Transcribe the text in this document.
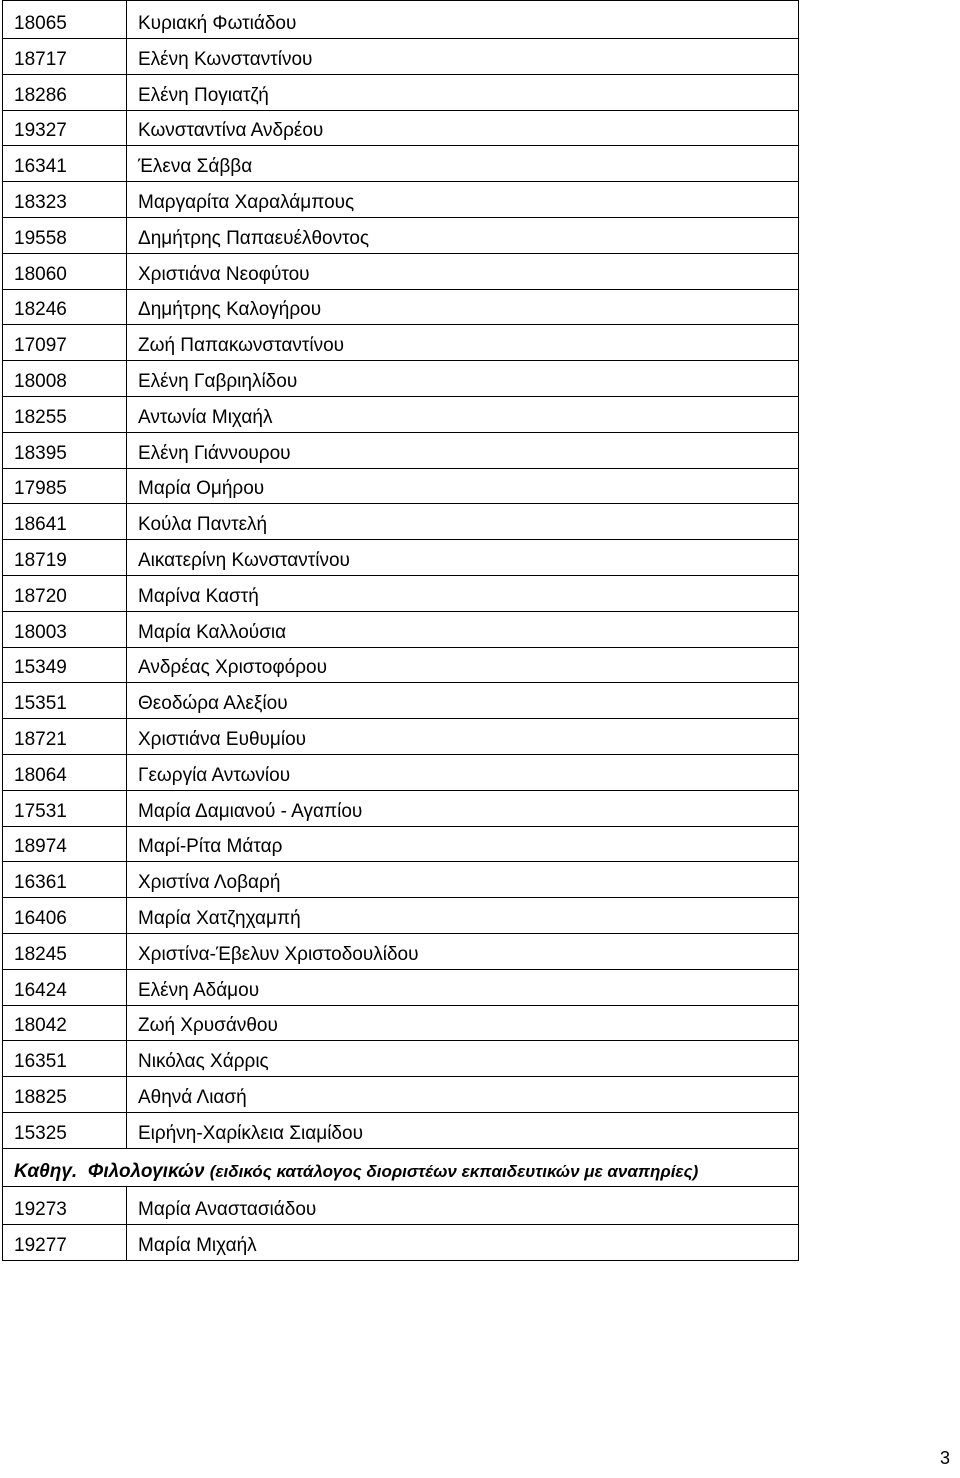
18065	Κυριακή Φωτιάδου
18717	Ελένη Κωνσταντίνου
18286	Ελένη Πογιατζή
19327	Κωνσταντίνα Ανδρέου
16341	Έλενα Σάββα
18323	Μαργαρίτα Χαραλάμπους
19558	Δημήτρης Παπαευέλθοντος
18060	Χριστιάνα Νεοφύτου
18246	Δημήτρης Καλογήρου
17097	Ζωή Παπακωνσταντίνου
18008	Ελένη Γαβριηλίδου
18255	Αντωνία Μιχαήλ
18395	Ελένη Γιάννουρου
17985	Μαρία Ομήρου
18641	Κούλα Παντελή
18719	Αικατερίνη Κωνσταντίνου
18720	Μαρίνα Καστή
18003	Μαρία Καλλούσια
15349	Ανδρέας Χριστοφόρου
15351	Θεοδώρα Αλεξίου
18721	Χριστιάνα Ευθυμίου
18064	Γεωργία Αντωνίου
17531	Μαρία Δαμιανού - Αγαπίου
18974	Μαρί-Ρίτα Μάταρ
16361	Χριστίνα Λοβαρή
16406	Μαρία Χατζηχαμπή
18245	Χριστίνα-Έβελυν Χριστοδουλίδου
16424	Ελένη Αδάμου
18042	Ζωή Χρυσάνθου
16351	Νικόλας Χάρρις
18825	Αθηνά Λιασή
15325	Ειρήνη-Χαρίκλεια Σιαμίδου
Καθηγ.  Φιλολογικών (ειδικός κατάλογος διοριστέων εκπαιδευτικών με αναπηρίες)	
19273	Μαρία Αναστασιάδου
19277	Μαρία Μιχαήλ
3
